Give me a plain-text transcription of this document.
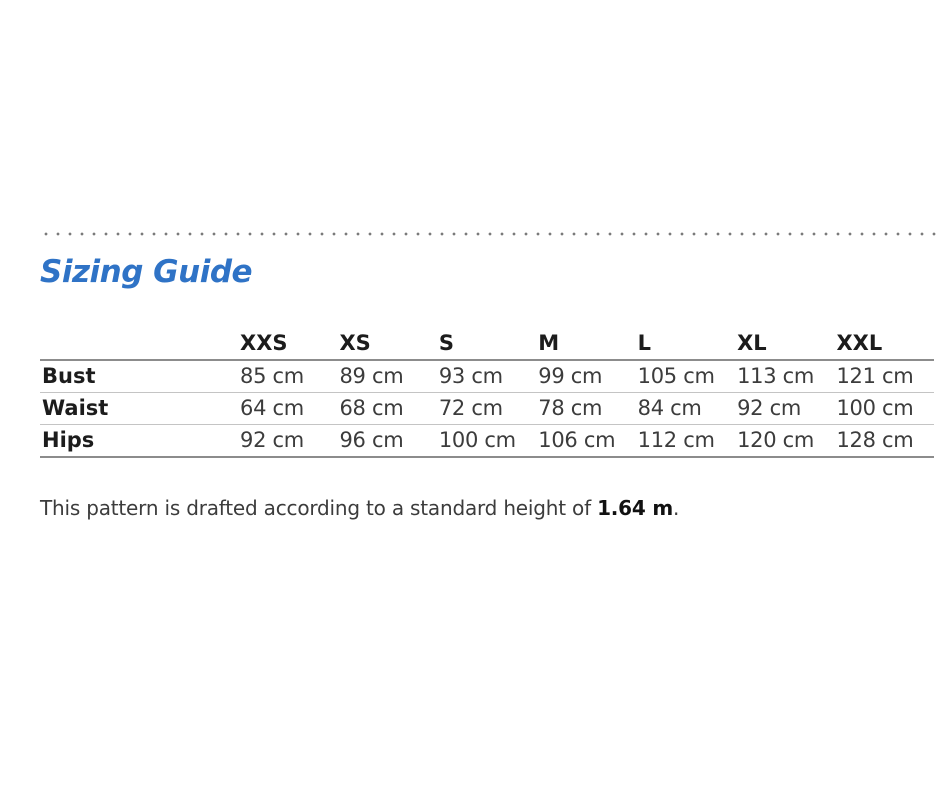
Sizing Guide
	XXS	XS	S	M	L	XL	XXL
Bust	85 cm	89 cm	93 cm	99 cm	105 cm	113 cm	121 cm
Waist	64 cm	68 cm	72 cm	78 cm	84 cm	92 cm	100 cm
Hips	92 cm	96 cm	100 cm	106 cm	112 cm	120 cm	128 cm

This pattern is drafted according to a standard height of 1.64 m.
